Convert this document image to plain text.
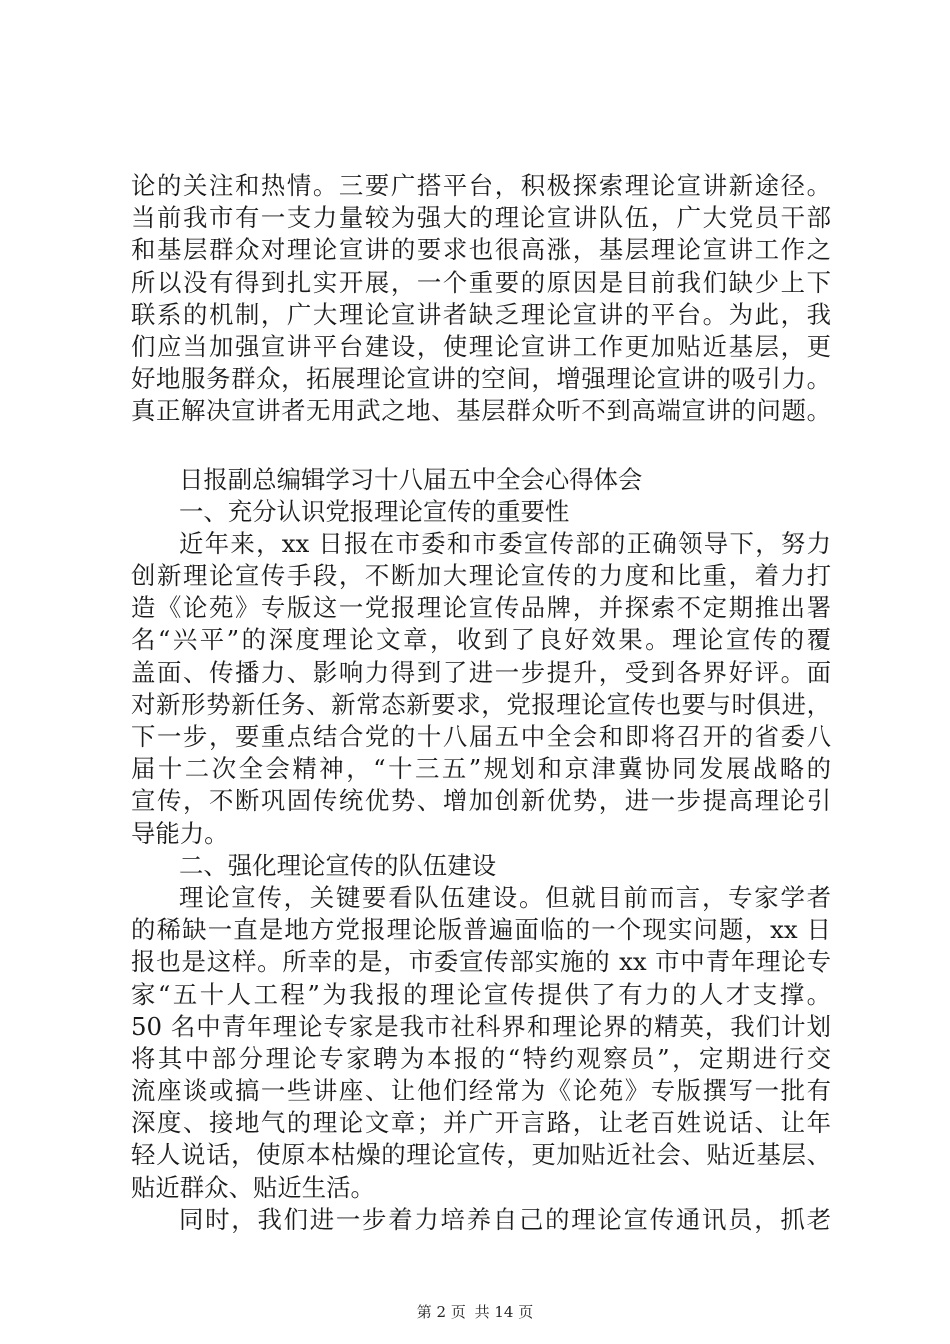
论的关注和热情。三要广搭平台，积极探索理论宣讲新途径。
当前我市有一支力量较为强大的理论宣讲队伍，广大党员干部
和基层群众对理论宣讲的要求也很高涨，基层理论宣讲工作之
所以没有得到扎实开展，一个重要的原因是目前我们缺少上下
联系的机制，广大理论宣讲者缺乏理论宣讲的平台。为此，我
们应当加强宣讲平台建设，使理论宣讲工作更加贴近基层，更
好地服务群众，拓展理论宣讲的空间，增强理论宣讲的吸引力。
真正解决宣讲者无用武之地、基层群众听不到高端宣讲的问题。
日报副总编辑学习十八届五中全会心得体会
一、充分认识党报理论宣传的重要性
近年来，xx 日报在市委和市委宣传部的正确领导下，努力
创新理论宣传手段，不断加大理论宣传的力度和比重，着力打
造《论苑》专版这一党报理论宣传品牌，并探索不定期推出署
名“兴平”的深度理论文章，收到了良好效果。理论宣传的覆
盖面、传播力、影响力得到了进一步提升，受到各界好评。面
对新形势新任务、新常态新要求，党报理论宣传也要与时俱进，
下一步，要重点结合党的十八届五中全会和即将召开的省委八
届十二次全会精神，“十三五”规划和京津冀协同发展战略的
宣传，不断巩固传统优势、增加创新优势，进一步提高理论引
导能力。
二、强化理论宣传的队伍建设
理论宣传，关键要看队伍建设。但就目前而言，专家学者
的稀缺一直是地方党报理论版普遍面临的一个现实问题，xx 日
报也是这样。所幸的是，市委宣传部实施的 xx 市中青年理论专
家“五十人工程”为我报的理论宣传提供了有力的人才支撑。
50 名中青年理论专家是我市社科界和理论界的精英，我们计划
将其中部分理论专家聘为本报的“特约观察员”，定期进行交
流座谈或搞一些讲座、让他们经常为《论苑》专版撰写一批有
深度、接地气的理论文章；并广开言路，让老百姓说话、让年
轻人说话，使原本枯燥的理论宣传，更加贴近社会、贴近基层、
贴近群众、贴近生活。
同时，我们进一步着力培养自己的理论宣传通讯员，抓老
第 2 页 共 14 页
